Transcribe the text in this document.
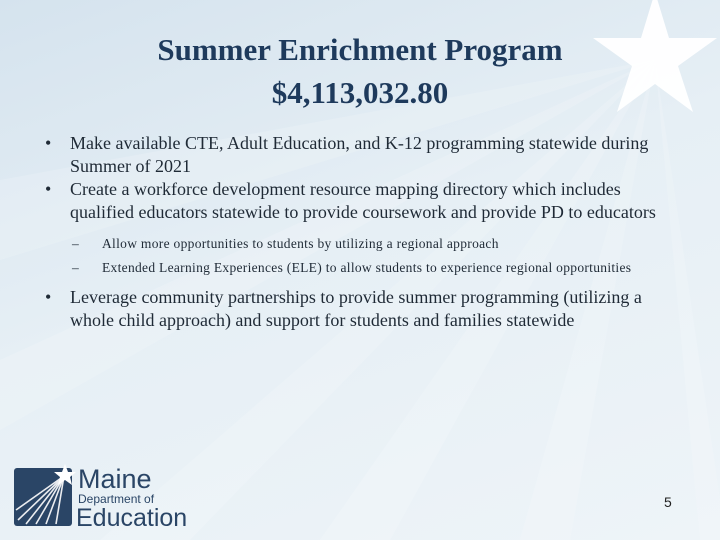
Summer Enrichment Program
$4,113,032.80
• Make available CTE, Adult Education, and K-12 programming statewide during Summer of 2021
• Create a workforce development resource mapping directory which includes qualified educators statewide to provide coursework and provide PD to educators
– Allow more opportunities to students by utilizing a regional approach
– Extended Learning Experiences (ELE) to allow students to experience regional opportunities
• Leverage community partnerships to provide summer programming (utilizing a whole child approach) and support for students and families statewide
Maine
Department of
Education
5
